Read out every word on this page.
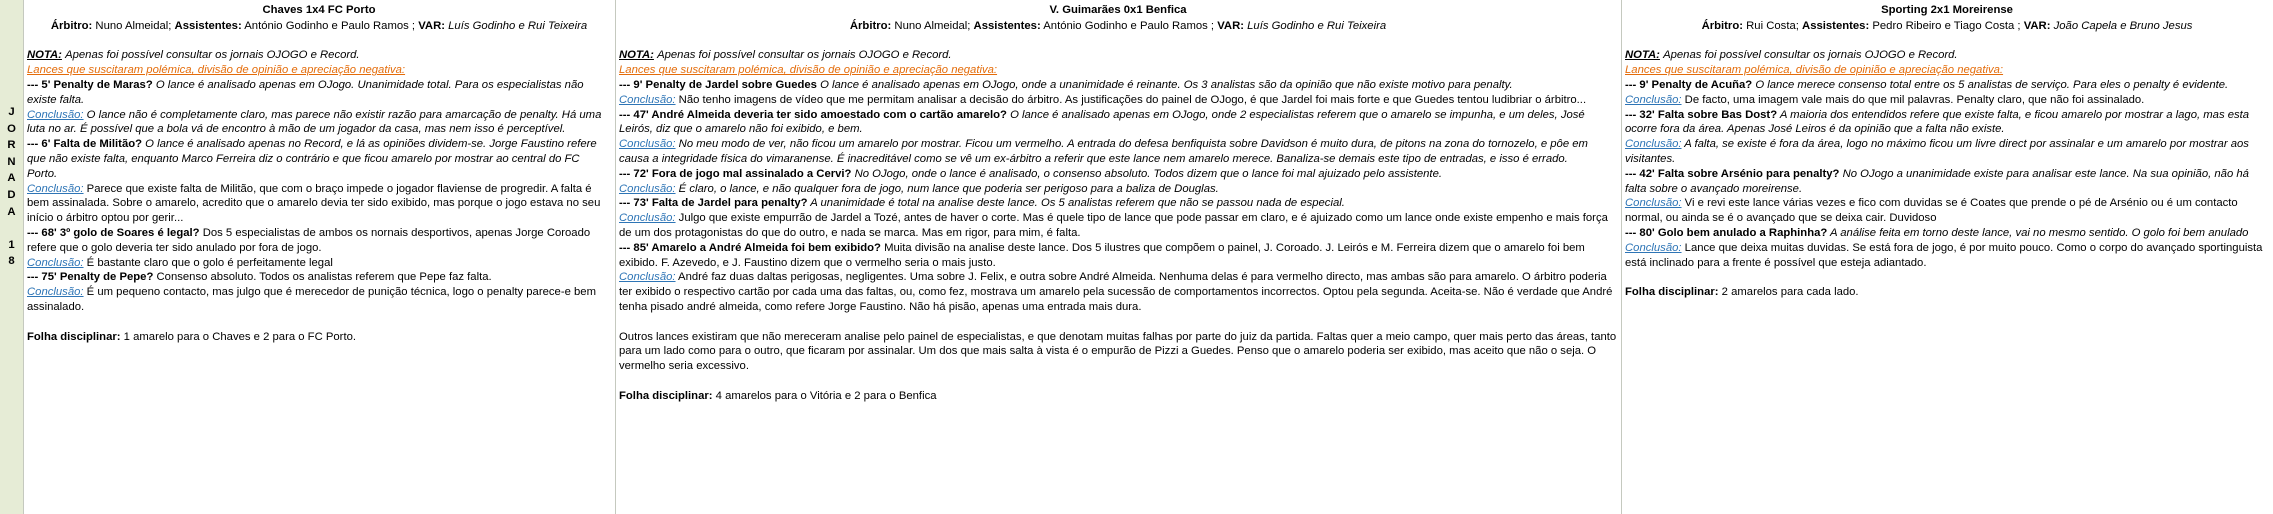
J
O
R
N
A
D
A

1
8
Chaves 1x4 FC Porto
Árbitro: Nuno Almeidal; Assistentes: António Godinho e Paulo Ramos ; VAR: Luís Godinho e Rui Teixeira

NOTA: Apenas foi possível consultar os jornais OJOGO e Record.

Lances que suscitaram polémica, divisão de opinião e apreciação negativa:

--- 5' Penalty de Maras? O lance é analisado apenas em OJogo. Unanimidade total. Para os especialistas não existe falta.

Conclusão: O lance não é completamente claro, mas parece não existir razão para amarcação de penalty. Há uma luta no ar. É possível que a bola vá de encontro à mão de um jogador da casa, mas nem isso é perceptível.

--- 6' Falta de Militão? O lance é analisado apenas no Record, e lá as opiniões dividem-se. Jorge Faustino refere que não existe falta, enquanto Marco Ferreira diz o contrário e que ficou amarelo por mostrar ao central do FC Porto.

Conclusão: Parece que existe falta de Militão, que com o braço impede o jogador flaviense de progredir. A falta é bem assinalada. Sobre o amarelo, acredito que o amarelo devia ter sido exibido, mas porque o jogo estava no seu início o árbitro optou por gerir...

--- 68' 3º golo de Soares é legal? Dos 5 especialistas de ambos os nornais desportivos, apenas Jorge Coroado refere que o golo deveria ter sido anulado por fora de jogo.

Conclusão: É bastante claro que o golo é perfeitamente legal

--- 75' Penalty de Pepe? Consenso absoluto. Todos os analistas referem que Pepe faz falta.

Conclusão: É um pequeno contacto, mas julgo que é merecedor de punição técnica, logo o penalty parece-e bem assinalado.

Folha disciplinar: 1 amarelo para o Chaves e 2 para o FC Porto.

V. Guimarães 0x1 Benfica
Árbitro: Nuno Almeidal; Assistentes: António Godinho e Paulo Ramos ; VAR: Luís Godinho e Rui Teixeira

NOTA: Apenas foi possível consultar os jornais OJOGO e Record.

Lances que suscitaram polémica, divisão de opinião e apreciação negativa:

--- 9' Penalty de Jardel sobre Guedes O lance é analisado apenas em OJogo, onde a unanimidade é reinante. Os 3 analistas são da opinião que não existe motivo para penalty.

Conclusão: Não tenho imagens de vídeo que me permitam analisar a decisão do árbitro. As justificações do painel de OJogo, é que Jardel foi mais forte e que Guedes tentou ludibriar o árbitro...

--- 47' André Almeida deveria ter sido amoestado com o cartão amarelo? O lance é analisado apenas em OJogo, onde 2 especialistas referem que o amarelo se impunha, e um deles, José Leirós, diz que o amarelo não foi exibido, e bem.

Conclusão: No meu modo de ver, não ficou um amarelo por mostrar. Ficou um vermelho. A entrada do defesa benfiquista sobre Davidson é muito dura, de pitons na zona do tornozelo, e pôe em causa a integridade física do vimaranense. É inacreditável como se vê um ex-árbitro a referir que este lance nem amarelo merece. Banaliza-se demais este tipo de entradas, e isso é errado.

--- 72' Fora de jogo mal assinalado a Cervi? No OJogo, onde o lance é analisado, o consenso absoluto. Todos dizem que o lance foi mal ajuizado pelo assistente.

Conclusão: É claro, o lance, e não qualquer fora de jogo, num lance que poderia ser perigoso para a baliza de Douglas.

--- 73' Falta de Jardel para penalty? A unanimidade é total na analise deste lance. Os 5 analistas referem que não se passou nada de especial.

Conclusão: Julgo que existe empurrão de Jardel a Tozé, antes de haver o corte. Mas é quele tipo de lance que pode passar em claro, e é ajuizado como um lance onde existe empenho e mais força de um dos protagonistas do que do outro, e nada se marca. Mas em rigor, para mim, é falta.

--- 85' Amarelo a André Almeida foi bem exibido? Muita divisão na analise deste lance. Dos 5 ilustres que compõem o painel, J. Coroado. J. Leirós e M. Ferreira dizem que o amarelo foi bem exibido. F. Azevedo, e J. Faustino dizem que o vermelho seria o mais justo.

Conclusão: André faz duas daltas perigosas, negligentes. Uma sobre J. Felix, e outra sobre André Almeida. Nenhuma delas é para vermelho directo, mas ambas são para amarelo. O árbitro poderia ter exibido o respectivo cartão por cada uma das faltas, ou, como fez, mostrava um amarelo pela sucessão de comportamentos incorrectos. Optou pela segunda. Aceita-se. Não é verdade que André tenha pisado andré almeida, como refere Jorge Faustino. Não há pisão, apenas uma entrada mais dura.

Outros lances existiram que não mereceram analise pelo painel de especialistas, e que denotam muitas falhas por parte do juiz da partida. Faltas quer a meio campo, quer mais perto das áreas, tanto para um lado como para o outro, que ficaram por assinalar. Um dos que mais salta à vista é o empurão de Pizzi a Guedes. Penso que o amarelo poderia ser exibido, mas aceito que não o seja. O vermelho seria excessivo.

Folha disciplinar: 4 amarelos para o Vitória e 2 para o Benfica

Sporting 2x1 Moreirense
Árbitro: Rui Costa; Assistentes: Pedro Ribeiro e Tiago Costa ; VAR: João Capela e Bruno Jesus

NOTA: Apenas foi possível consultar os jornais OJOGO e Record.

Lances que suscitaram polémica, divisão de opinião e apreciação negativa:

--- 9' Penalty de Acuña? O lance merece consenso total entre os 5 analistas de serviço. Para eles o penalty é evidente.

Conclusão: De facto, uma imagem vale mais do que mil palavras. Penalty claro, que não foi assinalado.

--- 32' Falta sobre Bas Dost? A maioria dos entendidos refere que existe falta, e ficou amarelo por mostrar a lago, mas esta ocorre fora da área. Apenas José Leiros é da opinião que a falta não existe.

Conclusão: A falta, se existe é fora da área, logo no máximo ficou um livre direct por assinalar e um amarelo por mostrar aos visitantes.

--- 42' Falta sobre Arsénio para penalty? No OJogo a unanimidade existe para analisar este lance. Na sua opinião, não há falta sobre o avançado moreirense.

Conclusão: Vi e revi este lance várias vezes e fico com duvidas se é Coates que prende o pé de Arsénio ou é um contacto normal, ou ainda se é o avançado que se deixa cair. Duvidoso

--- 80' Golo bem anulado a Raphinha? A análise feita em torno deste lance, vai no mesmo sentido. O golo foi bem anulado

Conclusão: Lance que deixa muitas duvidas. Se está fora de jogo, é por muito pouco. Como o corpo do avançado sportinguista está inclinado para a frente é possível que esteja adiantado.

Folha disciplinar: 2 amarelos para cada lado.
